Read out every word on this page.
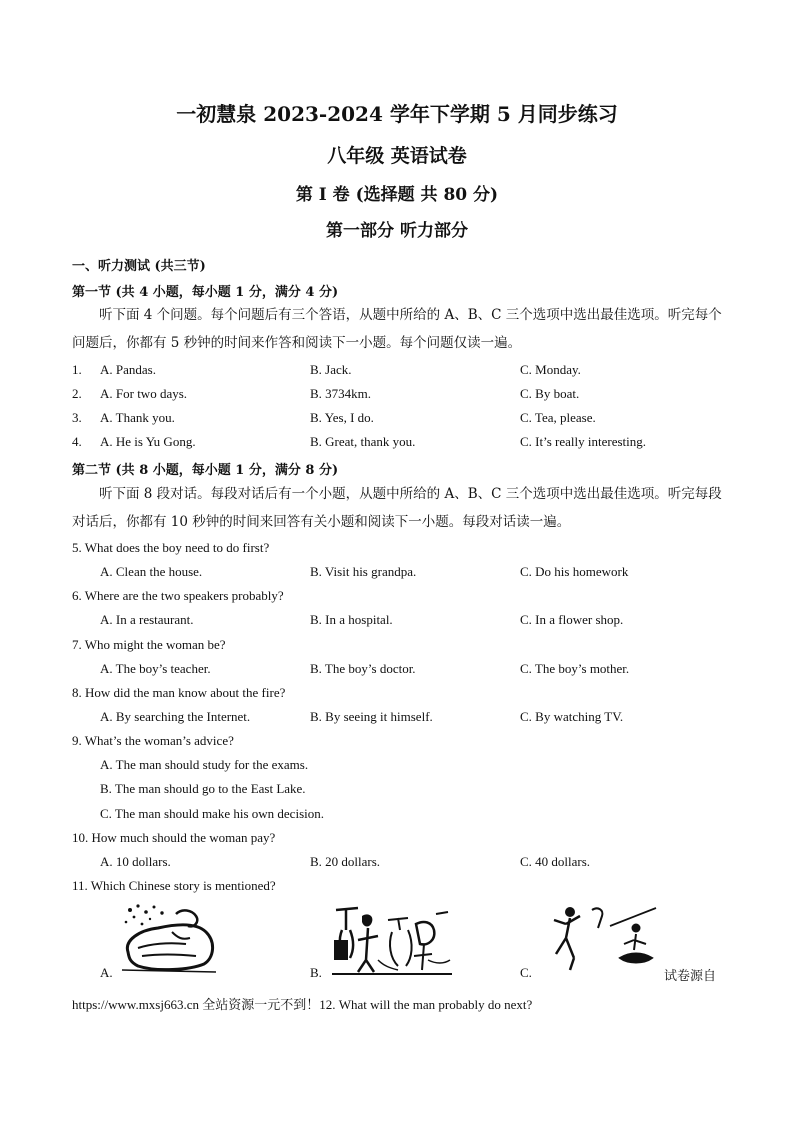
一初慧泉 2023-2024 学年下学期 5 月同步练习
八年级 英语试卷
第 I 卷 (选择题 共 80 分)
第一部分 听力部分
一、听力测试 (共三节)
第一节 (共 4 小题，每小题 1 分，满分 4 分)
听下面 4 个问题。每个问题后有三个答语，从题中所给的 A、B、C 三个选项中选出最佳选项。听完每个问题后，你都有 5 秒钟的时间来作答和阅读下一小题。每个问题仅读一遍。
1. A. Pandas.	B. Jack.	C. Monday.
2. A. For two days.	B. 3734km.	C. By boat.
3. A. Thank you.	B. Yes, I do.	C. Tea, please.
4. A. He is Yu Gong.	B. Great, thank you.	C. It’s really interesting.
第二节 (共 8 小题，每小题 1 分，满分 8 分)
听下面 8 段对话。每段对话后有一个小题，从题中所给的 A、B、C 三个选项中选出最佳选项。听完每段对话后，你都有 10 秒钟的时间来回答有关小题和阅读下一小题。每段对话读一遍。
5. What does the boy need to do first?
A. Clean the house.	B. Visit his grandpa.	C. Do his homework
6. Where are the two speakers probably?
A. In a restaurant.	B. In a hospital.	C. In a flower shop.
7. Who might the woman be?
A. The boy’s teacher.	B. The boy’s doctor.	C. The boy’s mother.
8. How did the man know about the fire?
A. By searching the Internet.	B. By seeing it himself.	C. By watching TV.
9. What’s the woman’s advice?
A. The man should study for the exams.
B. The man should go to the East Lake.
C. The man should make his own decision.
10. How much should the woman pay?
A. 10 dollars.	B. 20 dollars.	C. 40 dollars.
11. Which Chinese story is mentioned?
A.	B.	C.	试卷源自
https://www.mxsj663.cn 全站资源一元不到！12. What will the man probably do next?
